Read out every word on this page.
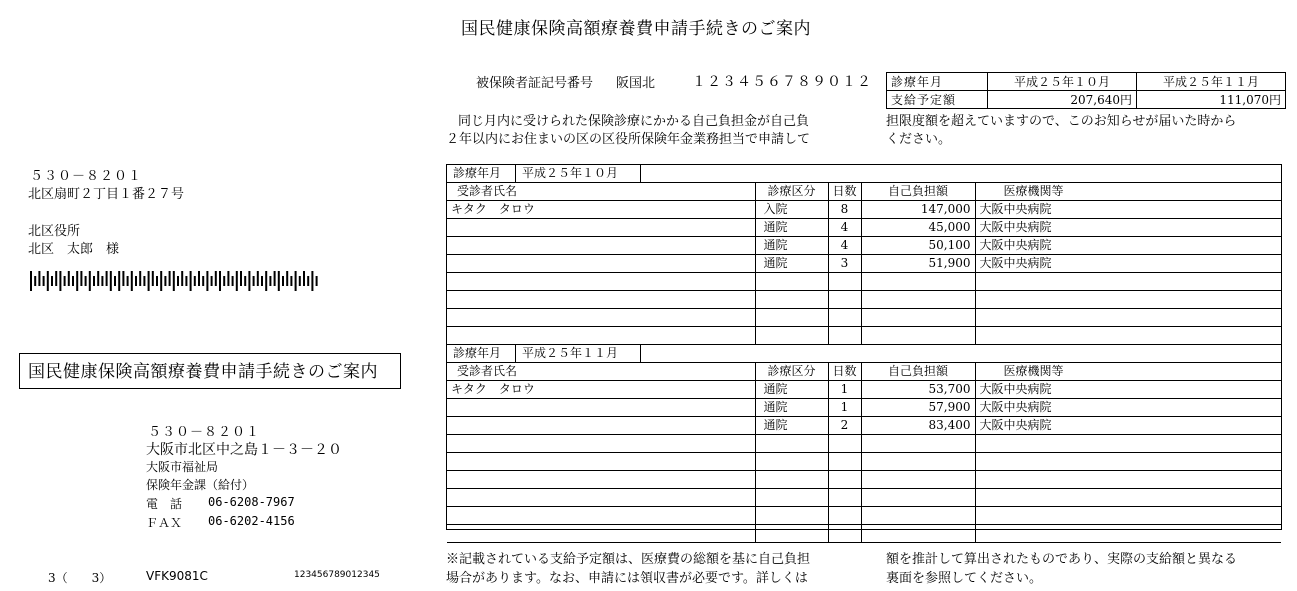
国民健康保険高額療養費申請手続きのご案内
被保険者証記号番号 阪国北	１２３４５６７８９０１２ 診療年月	平成２５年１０月	平成２５年１１月
支給予定額	207,640円	111,070円
同じ月内に受けられた保険診療にかかる自己負担金が自己負
２年以内にお住まいの区の区役所保険年金業務担当で申請して
担限度額を超えていますので、このお知らせが届いた時から
ください。
５３０－８２０１
北区扇町２丁目１番２７号
北区役所
北区　太郎　様
国民健康保険高額療養費申請手続きのご案内
５３０－８２０１
大阪市北区中之島１－３－２０
大阪市福祉局
保険年金課（給付）
電　話 06-6208-7967
ＦＡＸ 06-6202-4156
3（　　3）	VFK9081C	123456789012345
診療年月 平成２５年１０月				
受診者氏名	診療区分	日数	自己負担額	医療機関等
キタク　タロウ	入院	8	147,000	大阪中央病院
	通院	4	45,000	大阪中央病院
	通院	4	50,100	大阪中央病院
	通院	3	51,900	大阪中央病院

診療年月 平成２５年１１月				
受診者氏名	診療区分	日数	自己負担額	医療機関等
キタク　タロウ	通院	1	53,700	大阪中央病院
	通院	1	57,900	大阪中央病院
	通院	2	83,400	大阪中央病院

※記載されている支給予定額は、医療費の総額を基に自己負担
場合があります。なお、申請には領収書が必要です。詳しくは
額を推計して算出されたものであり、実際の支給額と異なる
裏面を参照してください。
